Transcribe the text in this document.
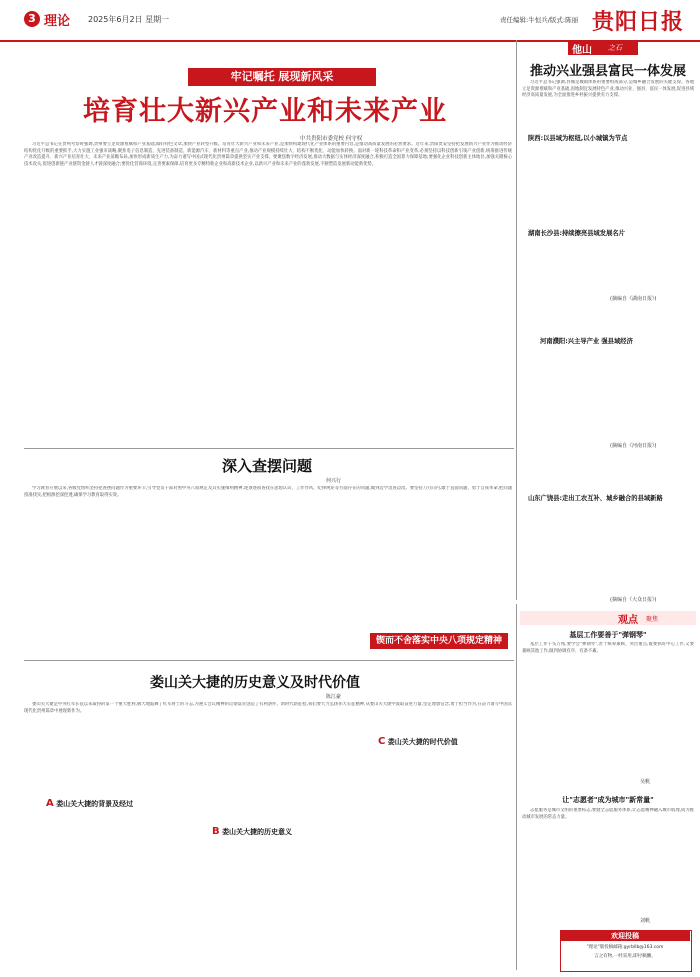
3 理论 2025年6月2日 星期一	责任编辑:牛恒兵/版式:陈丽 贵阳日报
牢记嘱托 展现新风采
培育壮大新兴产业和未来产业
中共贵阳市委党校 何守权

习近平总书记在贵州考察时强调,贵州要立足资源禀赋和产业基础,做好特色文章,加快产业转型升级。培育壮大新兴产业和未来产业,是加快构建现代化产业体系的重要内容,是推动高质量发展的必然要求。近年来,贵阳贵安坚持把发展新兴产业作为推动经济结构优化升级的重要抓手,大力实施工业强市战略,聚焦电子信息制造、先进装备制造、新能源汽车、新材料等重点产业,推动产业规模持续壮大、结构不断优化、动能加快转换。面对新一轮科技革命和产业变革,必须坚持以科技创新引领产业创新,统筹推进传统产业改造提升、新兴产业培育壮大、未来产业前瞻布局,加快形成新质生产力,为奋力谱写中国式现代化贵州篇章提供坚实产业支撑。要聚焦数字经济发展,推动大数据与实体经济深度融合,积极打造全国算力保障基地;要强化企业科技创新主体地位,加强关键核心技术攻关,促进创新链产业链资金链人才链深度融合;要优化营商环境,完善要素保障,培育更多专精特新企业和高新技术企业,以新兴产业和未来产业的蓬勃发展,不断塑造发展新动能新优势。

他山 之石
推动兴业强县富民一体发展

习近平总书记强调,县城是城镇体系的重要组成部分,是城乡融合发展的关键支撑。各地立足资源禀赋和产业基础,因地制宜发展特色产业,推动兴业、强县、富民一体发展,促进县域经济高质量发展,为全面推进乡村振兴提供有力支撑。

陕西:以县域为枢纽,以小城镇为节点
湖南长沙县:持续擦亮县域发展名片
(摘编自《湖南日报》)
河南濮阳:兴主导产业 强县域经济
(摘编自《河南日报》)
山东广饶县:走出工农互补、城乡融合的县域新路
(摘编自《大众日报》)
深入查摆问题
何兴行

学习教育开展以来,各级党组织坚持把查摆问题作为重要环节,引导党员干部对照中央八项规定及其实施细则精神,逐条逐项查找在思想认识、工作作风、纪律规矩等方面存在的问题,做到边学边查边改。要坚持刀刃向内,敢于直面问题、勇于自我革命,把问题找准找实,把根源挖深挖透,确保学习教育取得实效。

锲而不舍落实中央八项规定精神
娄山关大捷的历史意义及时代价值
陈江豪

娄山关大捷是中央红军长征以来取得的第一个重大胜利,极大地鼓舞了红军将士的斗志,为遵义会议精神的贯彻落实创造了有利条件。新时代新征程,我们要大力弘扬伟大长征精神,从娄山关大捷中汲取奋进力量,坚定理想信念,勇于担当作为,在奋力谱写中国式现代化贵州篇章中展现新作为。

A 娄山关大捷的背景及经过
B 娄山关大捷的历史意义
C 娄山关大捷的时代价值
观点 聚焦
基层工作要善于"弹钢琴"

基层工作千头万绪,要学会"弹钢琴",善于统筹兼顾、突出重点,既要抓好中心工作,又要兼顾其他工作,做到协调有序、有条不紊。

吴帆
让"志愿者"成为城市"新常量"

志愿服务是城市文明的重要标志,要健全志愿服务体系,让志愿精神融入城市肌理,成为推动城市发展的常态力量。

刘帆
欢迎投稿
"理论"版投稿邮箱:gyrbllb@163.com
言之有物,一经采用,即付稿酬。
